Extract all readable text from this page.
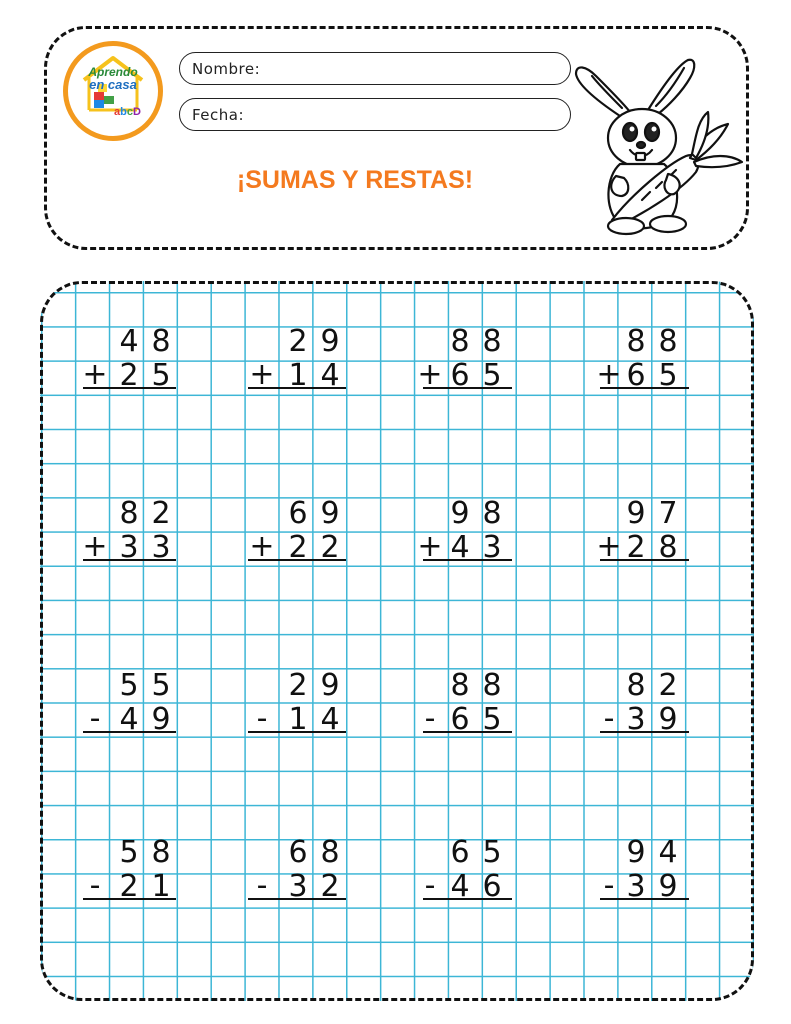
Aprendo
en casa
abcD
Nombre:
Fecha:
¡SUMAS Y RESTAS!
4 8
+ 2 5
2 9
+ 1 4
8 8
+ 6 5
8 8
+ 6 5
8 2
+ 3 3
6 9
+ 2 2
9 8
+ 4 3
9 7
+ 2 8
5 5
- 4 9
2 9
- 1 4
8 8
- 6 5
8 2
- 3 9
5 8
- 2 1
6 8
- 3 2
6 5
- 4 6
9 4
- 3 9
